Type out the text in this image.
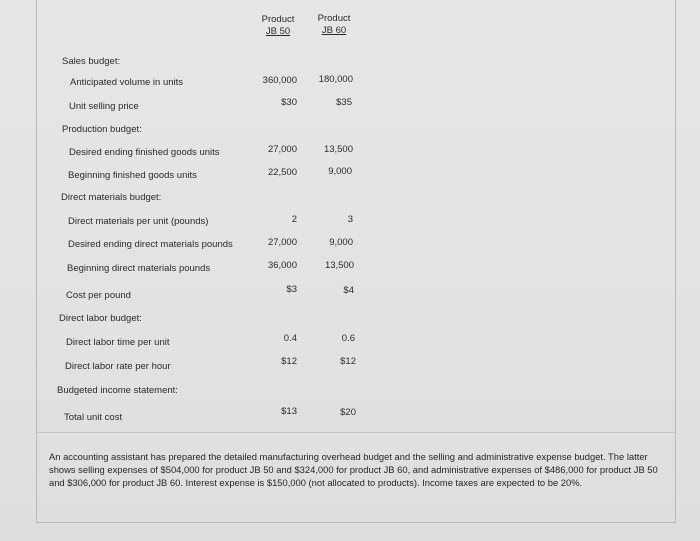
Product
JB 50
Product
JB 60
Sales budget:
Anticipated volume in units
Unit selling price
Production budget:
Desired ending finished goods units
Beginning finished goods units
Direct materials budget:
Direct materials per unit (pounds)
Desired ending direct materials pounds
Beginning direct materials pounds
Cost per pound
Direct labor budget:
Direct labor time per unit
Direct labor rate per hour
Budgeted income statement:
Total unit cost
360,000
$30
27,000
22,500
2
27,000
36,000
$3
0.4
$12
$13
180,000
$35
13,500
9,000
3
9,000
13,500
$4
0.6
$12
$20
An accounting assistant has prepared the detailed manufacturing overhead budget and the selling and administrative expense budget. The latter shows selling expenses of $504,000 for product JB 50 and $324,000 for product JB 60, and administrative expenses of $486,000 for product JB 50 and $306,000 for product JB 60. Interest expense is $150,000 (not allocated to products). Income taxes are expected to be 20%.
